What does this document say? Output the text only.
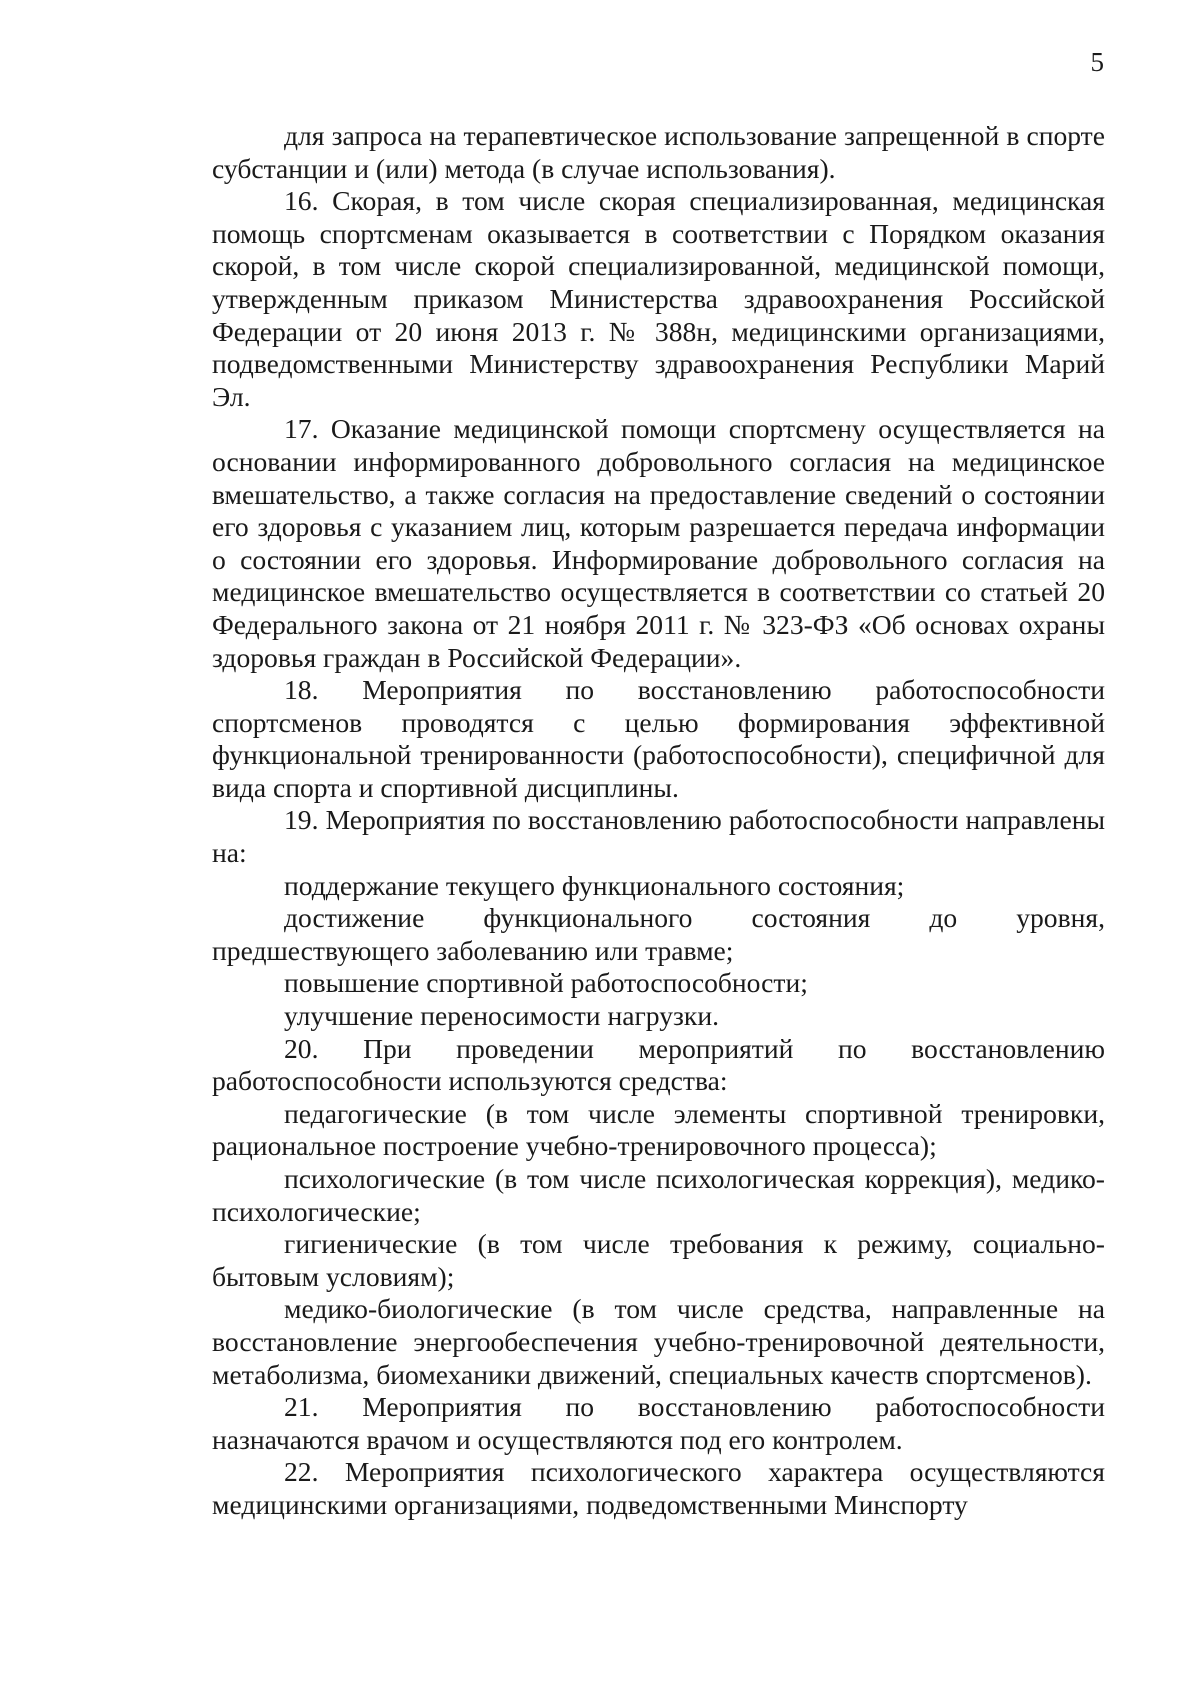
5

для запроса на терапевтическое использование запрещенной в спорте субстанции и (или) метода (в случае использования).

16. Скорая, в том числе скорая специализированная, медицинская помощь спортсменам оказывается в соответствии с Порядком оказания скорой, в том числе скорой специализированной, медицинской помощи, утвержденным приказом Министерства здравоохранения Российской Федерации от 20 июня 2013 г. № 388н, медицинскими организациями, подведомственными Министерству здравоохранения Республики Марий Эл.

17. Оказание медицинской помощи спортсмену осуществляется на основании информированного добровольного согласия на медицинское вмешательство, а также согласия на предоставление сведений о состоянии его здоровья с указанием лиц, которым разрешается передача информации о состоянии его здоровья. Информирование добровольного согласия на медицинское вмешательство осуществляется в соответствии со статьей 20 Федерального закона от 21 ноября 2011 г. № 323-ФЗ «Об основах охраны здоровья граждан в Российской Федерации».

18. Мероприятия по восстановлению работоспособности спортсменов проводятся с целью формирования эффективной функциональной тренированности (работоспособности), специфичной для вида спорта и спортивной дисциплины.

19. Мероприятия по восстановлению работоспособности направлены на:

поддержание текущего функционального состояния;

достижение функционального состояния до уровня, предшествующего заболеванию или травме;

повышение спортивной работоспособности;

улучшение переносимости нагрузки.

20. При проведении мероприятий по восстановлению работоспособности используются средства:

педагогические (в том числе элементы спортивной тренировки, рациональное построение учебно-тренировочного процесса);

психологические (в том числе психологическая коррекция), медико-психологические;

гигиенические (в том числе требования к режиму, социально-бытовым условиям);

медико-биологические (в том числе средства, направленные на восстановление энергообеспечения учебно-тренировочной деятельности, метаболизма, биомеханики движений, специальных качеств спортсменов).

21. Мероприятия по восстановлению работоспособности назначаются врачом и осуществляются под его контролем.

22. Мероприятия психологического характера осуществляются медицинскими организациями, подведомственными Минспорту
